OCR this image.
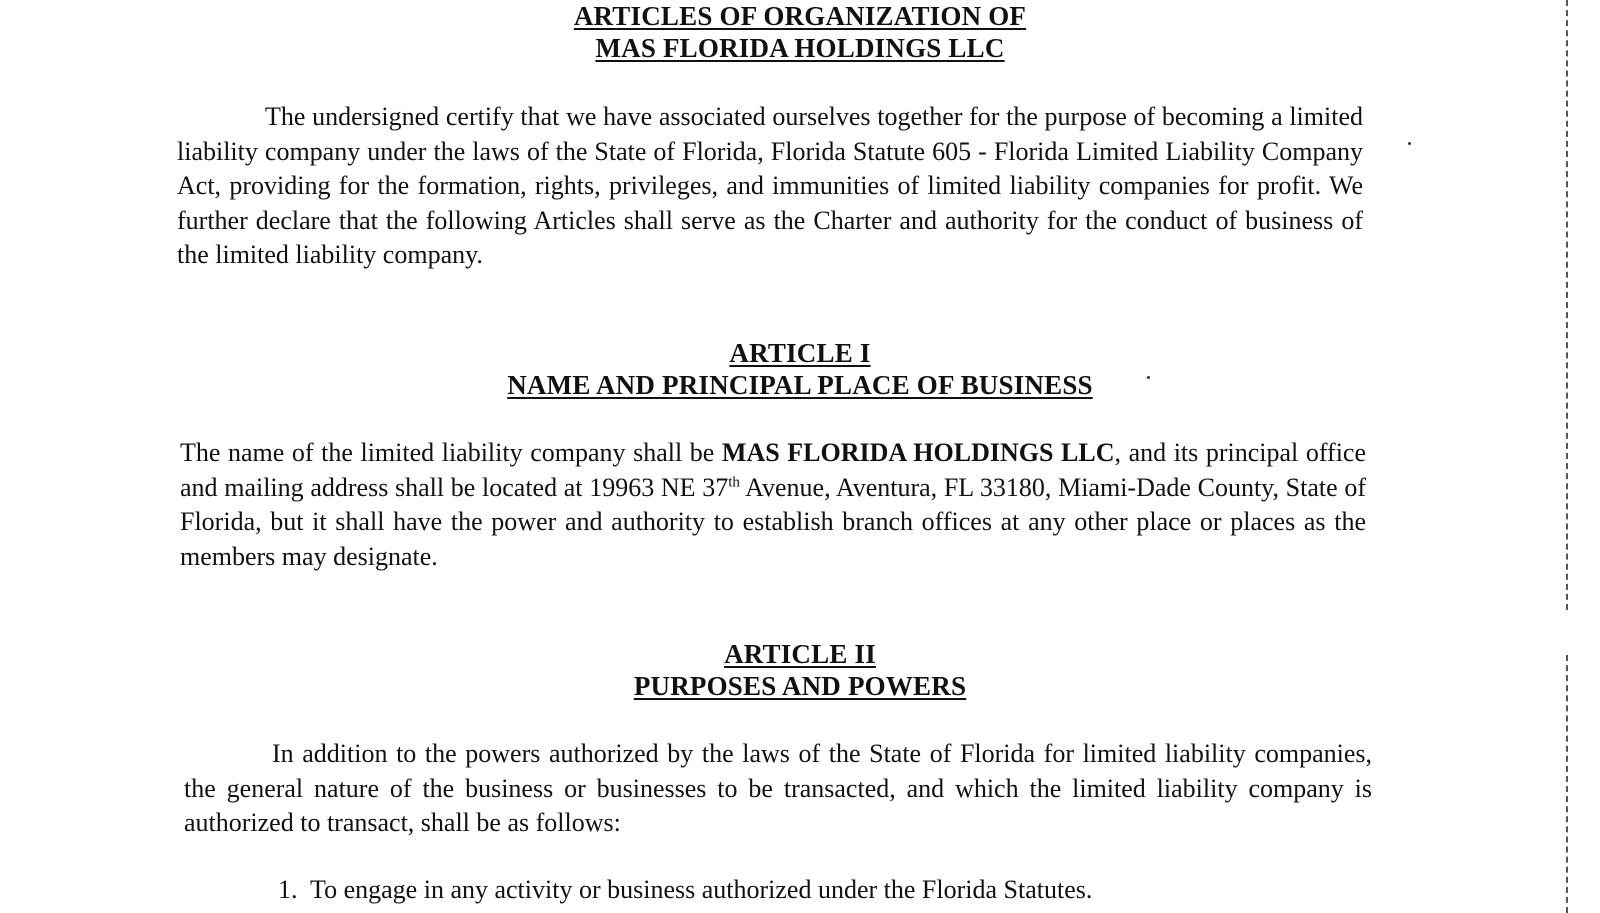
ARTICLES OF ORGANIZATION OF
MAS FLORIDA HOLDINGS LLC

The undersigned certify that we have associated ourselves together for the purpose of becoming a limited liability company under the laws of the State of Florida, Florida Statute 605 - Florida Limited Liability Company Act, providing for the formation, rights, privileges, and immunities of limited liability companies for profit. We further declare that the following Articles shall serve as the Charter and authority for the conduct of business of the limited liability company.

ARTICLE I
NAME AND PRINCIPAL PLACE OF BUSINESS

The name of the limited liability company shall be MAS FLORIDA HOLDINGS LLC, and its principal office and mailing address shall be located at 19963 NE 37th Avenue, Aventura, FL 33180, Miami-Dade County, State of Florida, but it shall have the power and authority to establish branch offices at any other place or places as the members may designate.

ARTICLE II
PURPOSES AND POWERS

In addition to the powers authorized by the laws of the State of Florida for limited liability companies, the general nature of the business or businesses to be transacted, and which the limited liability company is authorized to transact, shall be as follows:

1. To engage in any activity or business authorized under the Florida Statutes.
